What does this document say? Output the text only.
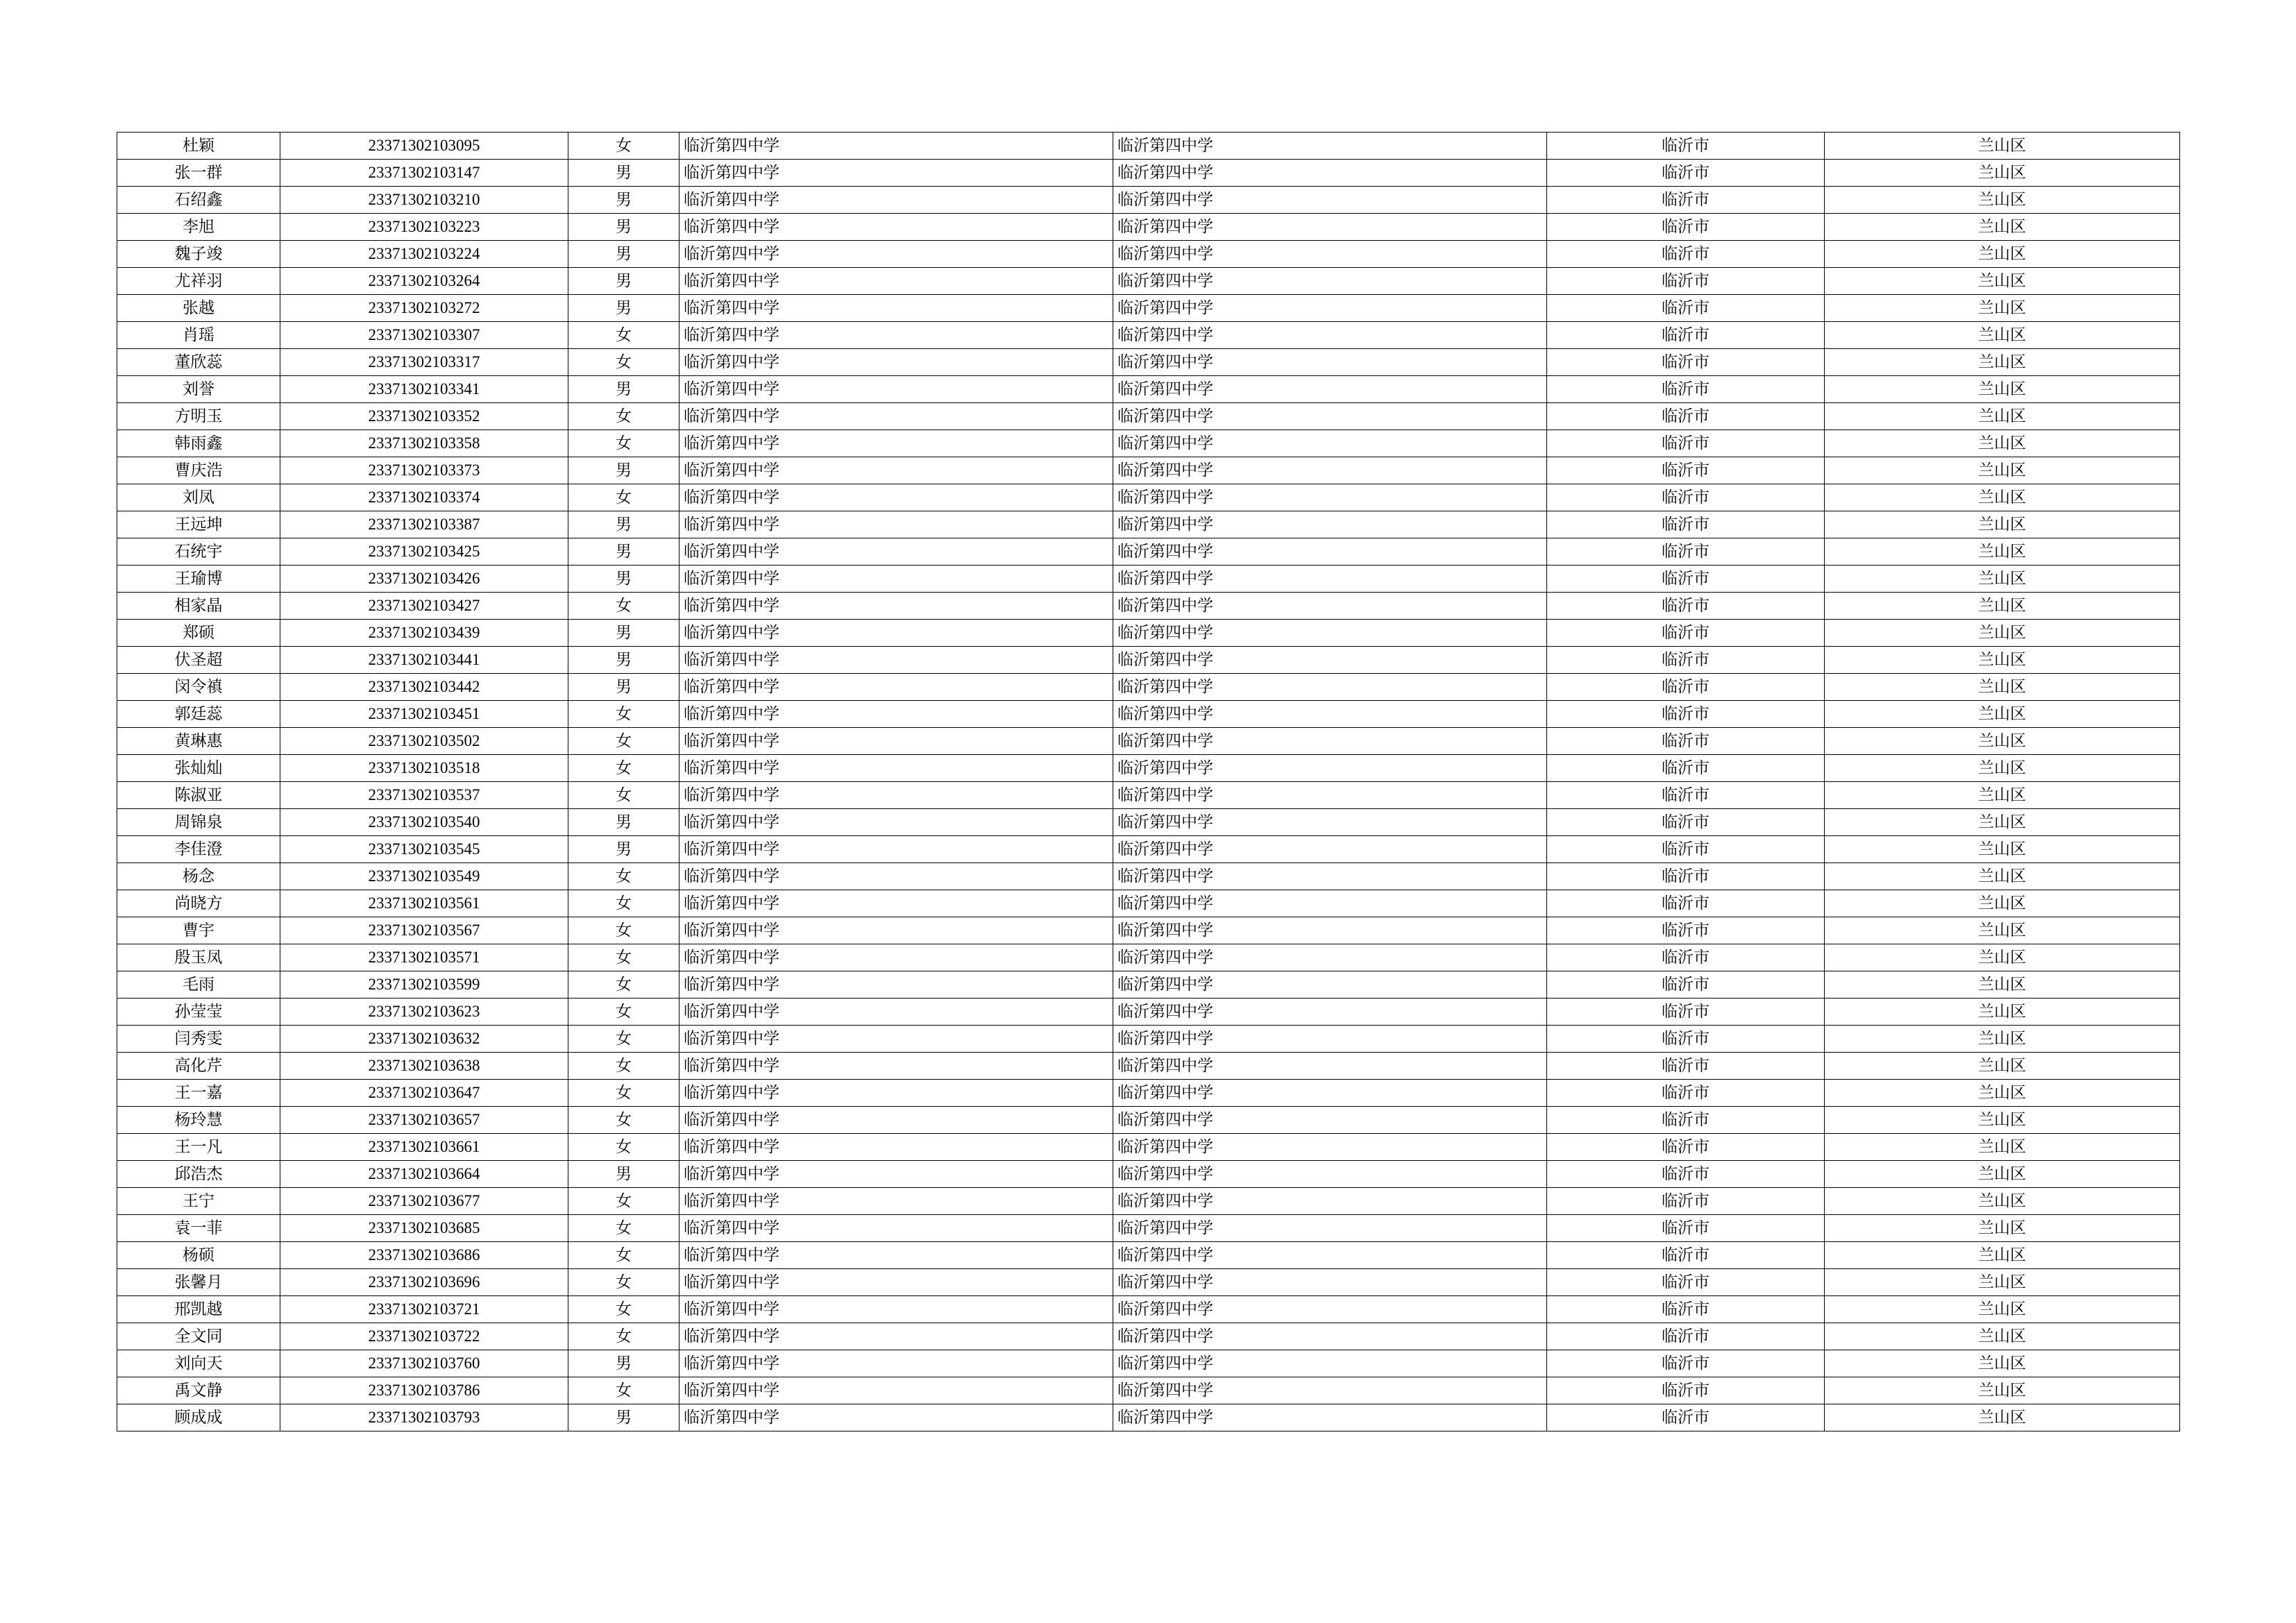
杜颖	23371302103095	女	临沂第四中学	临沂第四中学	临沂市	兰山区
张一群	23371302103147	男	临沂第四中学	临沂第四中学	临沂市	兰山区
石绍鑫	23371302103210	男	临沂第四中学	临沂第四中学	临沂市	兰山区
李旭	23371302103223	男	临沂第四中学	临沂第四中学	临沂市	兰山区
魏子竣	23371302103224	男	临沂第四中学	临沂第四中学	临沂市	兰山区
尤祥羽	23371302103264	男	临沂第四中学	临沂第四中学	临沂市	兰山区
张越	23371302103272	男	临沂第四中学	临沂第四中学	临沂市	兰山区
肖瑶	23371302103307	女	临沂第四中学	临沂第四中学	临沂市	兰山区
董欣蕊	23371302103317	女	临沂第四中学	临沂第四中学	临沂市	兰山区
刘誉	23371302103341	男	临沂第四中学	临沂第四中学	临沂市	兰山区
方明玉	23371302103352	女	临沂第四中学	临沂第四中学	临沂市	兰山区
韩雨鑫	23371302103358	女	临沂第四中学	临沂第四中学	临沂市	兰山区
曹庆浩	23371302103373	男	临沂第四中学	临沂第四中学	临沂市	兰山区
刘凤	23371302103374	女	临沂第四中学	临沂第四中学	临沂市	兰山区
王远坤	23371302103387	男	临沂第四中学	临沂第四中学	临沂市	兰山区
石统宇	23371302103425	男	临沂第四中学	临沂第四中学	临沂市	兰山区
王瑜博	23371302103426	男	临沂第四中学	临沂第四中学	临沂市	兰山区
相家晶	23371302103427	女	临沂第四中学	临沂第四中学	临沂市	兰山区
郑硕	23371302103439	男	临沂第四中学	临沂第四中学	临沂市	兰山区
伏圣超	23371302103441	男	临沂第四中学	临沂第四中学	临沂市	兰山区
闵令禛	23371302103442	男	临沂第四中学	临沂第四中学	临沂市	兰山区
郭廷蕊	23371302103451	女	临沂第四中学	临沂第四中学	临沂市	兰山区
黄琳惠	23371302103502	女	临沂第四中学	临沂第四中学	临沂市	兰山区
张灿灿	23371302103518	女	临沂第四中学	临沂第四中学	临沂市	兰山区
陈淑亚	23371302103537	女	临沂第四中学	临沂第四中学	临沂市	兰山区
周锦泉	23371302103540	男	临沂第四中学	临沂第四中学	临沂市	兰山区
李佳澄	23371302103545	男	临沂第四中学	临沂第四中学	临沂市	兰山区
杨念	23371302103549	女	临沂第四中学	临沂第四中学	临沂市	兰山区
尚晓方	23371302103561	女	临沂第四中学	临沂第四中学	临沂市	兰山区
曹宇	23371302103567	女	临沂第四中学	临沂第四中学	临沂市	兰山区
殷玉凤	23371302103571	女	临沂第四中学	临沂第四中学	临沂市	兰山区
毛雨	23371302103599	女	临沂第四中学	临沂第四中学	临沂市	兰山区
孙莹莹	23371302103623	女	临沂第四中学	临沂第四中学	临沂市	兰山区
闫秀雯	23371302103632	女	临沂第四中学	临沂第四中学	临沂市	兰山区
高化芹	23371302103638	女	临沂第四中学	临沂第四中学	临沂市	兰山区
王一嘉	23371302103647	女	临沂第四中学	临沂第四中学	临沂市	兰山区
杨玲慧	23371302103657	女	临沂第四中学	临沂第四中学	临沂市	兰山区
王一凡	23371302103661	女	临沂第四中学	临沂第四中学	临沂市	兰山区
邱浩杰	23371302103664	男	临沂第四中学	临沂第四中学	临沂市	兰山区
王宁	23371302103677	女	临沂第四中学	临沂第四中学	临沂市	兰山区
袁一菲	23371302103685	女	临沂第四中学	临沂第四中学	临沂市	兰山区
杨硕	23371302103686	女	临沂第四中学	临沂第四中学	临沂市	兰山区
张馨月	23371302103696	女	临沂第四中学	临沂第四中学	临沂市	兰山区
邢凯越	23371302103721	女	临沂第四中学	临沂第四中学	临沂市	兰山区
全文同	23371302103722	女	临沂第四中学	临沂第四中学	临沂市	兰山区
刘向天	23371302103760	男	临沂第四中学	临沂第四中学	临沂市	兰山区
禹文静	23371302103786	女	临沂第四中学	临沂第四中学	临沂市	兰山区
顾成成	23371302103793	男	临沂第四中学	临沂第四中学	临沂市	兰山区
